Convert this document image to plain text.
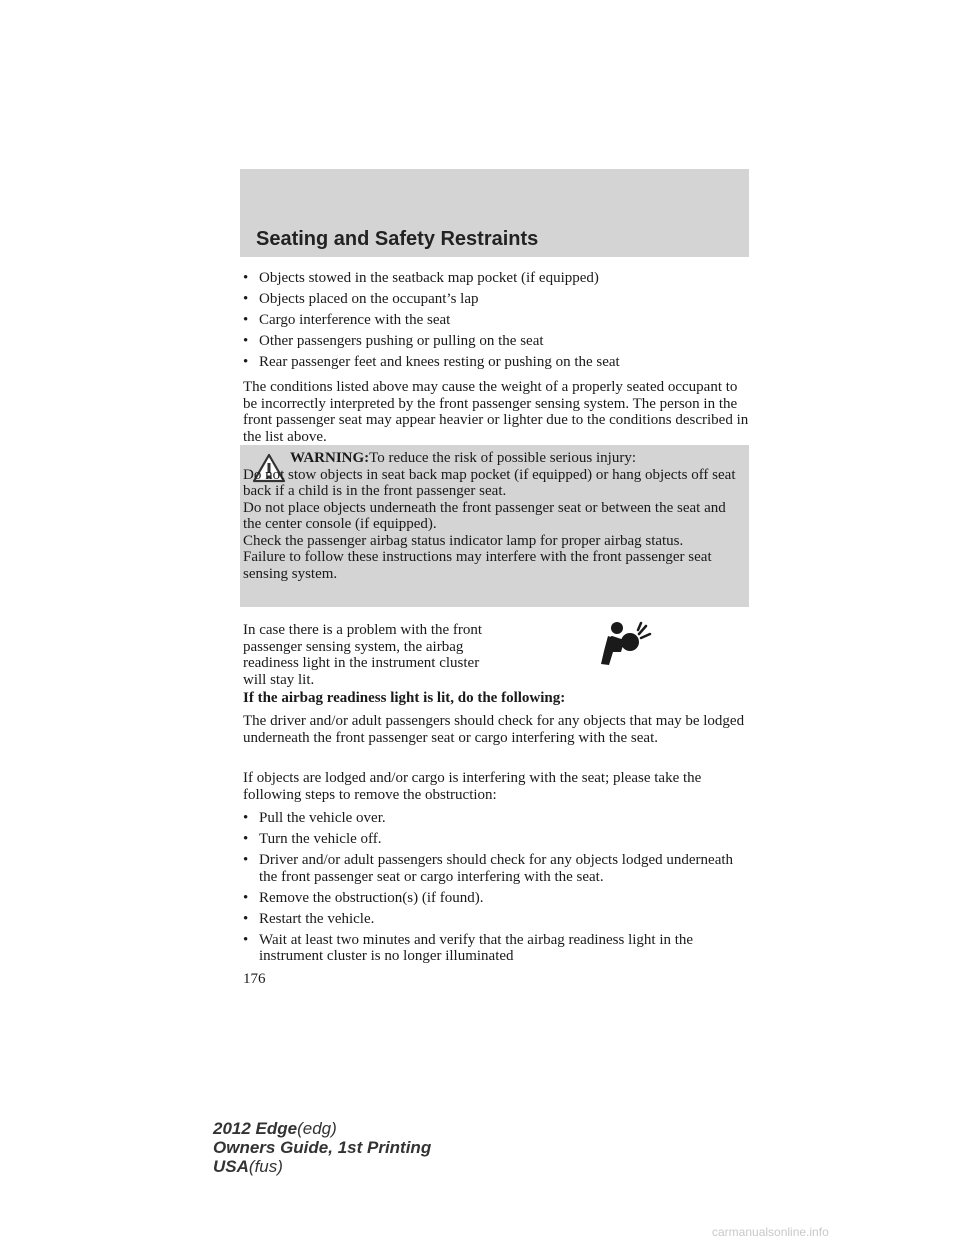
Seating and Safety Restraints
• Objects stowed in the seatback map pocket (if equipped)
• Objects placed on the occupant’s lap
• Cargo interference with the seat
• Other passengers pushing or pulling on the seat
• Rear passenger feet and knees resting or pushing on the seat
The conditions listed above may cause the weight of a properly seated occupant to be incorrectly interpreted by the front passenger sensing system. The person in the front passenger seat may appear heavier or lighter due to the conditions described in the list above.
WARNING:To reduce the risk of possible serious injury:
Do not stow objects in seat back map pocket (if equipped) or hang objects off seat back if a child is in the front passenger seat.
Do not place objects underneath the front passenger seat or between the seat and the center console (if equipped).
Check the passenger airbag status indicator lamp for proper airbag status.
Failure to follow these instructions may interfere with the front passenger seat sensing system.
In case there is a problem with the front passenger sensing system, the airbag readiness light in the instrument cluster will stay lit.
If the airbag readiness light is lit, do the following:
The driver and/or adult passengers should check for any objects that may be lodged underneath the front passenger seat or cargo interfering with the seat.
If objects are lodged and/or cargo is interfering with the seat; please take the following steps to remove the obstruction:
• Pull the vehicle over.
• Turn the vehicle off.
• Driver and/or adult passengers should check for any objects lodged underneath the front passenger seat or cargo interfering with the seat.
• Remove the obstruction(s) (if found).
• Restart the vehicle.
• Wait at least two minutes and verify that the airbag readiness light in the instrument cluster is no longer illuminated
176
2012 Edge(edg)
Owners Guide, 1st Printing
USA(fus)
carmanualsonline.info
